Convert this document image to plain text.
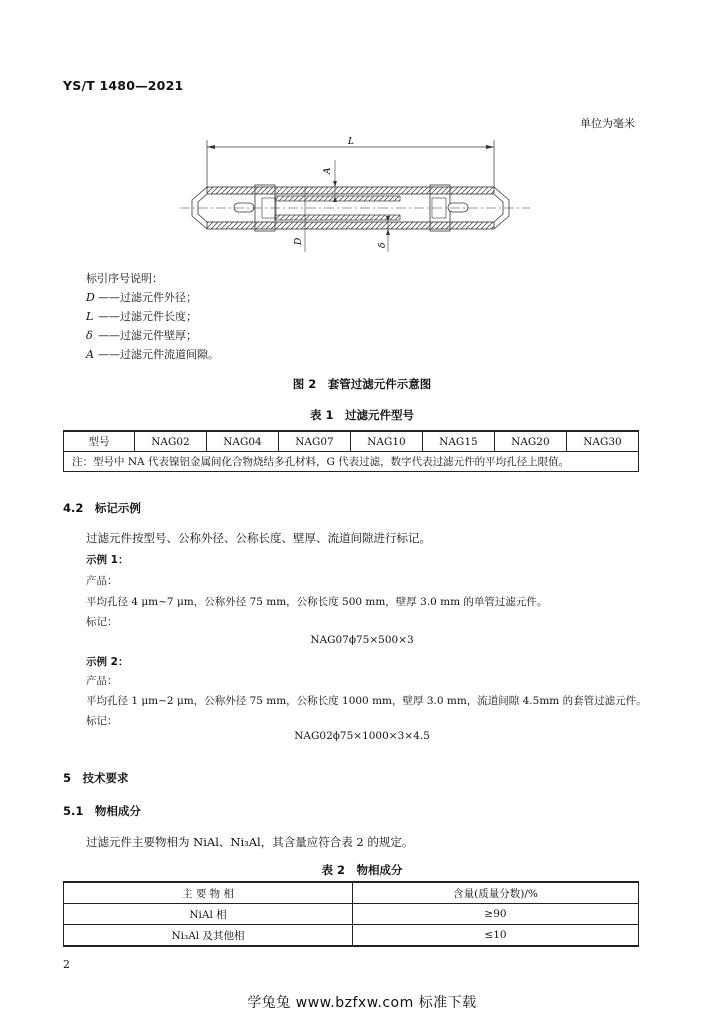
YS/T 1480—2021
单位为毫米
L
A
D
δ
标引序号说明：
D ——过滤元件外径；
L ——过滤元件长度；
δ ——过滤元件壁厚；
A ——过滤元件流道间隙。
图 2　套管过滤元件示意图
表 1　过滤元件型号
型号	NAG02	NAG04	NAG07	NAG10	NAG15	NAG20	NAG30
注：型号中 NA 代表镍铝金属间化合物烧结多孔材料，G 代表过滤，数字代表过滤元件的平均孔径上限值。
4.2　标记示例
过滤元件按型号、公称外径、公称长度、壁厚、流道间隙进行标记。
示例 1：
产品：
平均孔径 4 μm~7 μm，公称外径 75 mm，公称长度 500 mm，壁厚 3.0 mm 的单管过滤元件。
标记：
NAG07ϕ75×500×3
示例 2：
产品：
平均孔径 1 μm~2 μm，公称外径 75 mm，公称长度 1000 mm，壁厚 3.0 mm，流道间隙 4.5mm 的套管过滤元件。
标记：
NAG02ϕ75×1000×3×4.5
5　技术要求
5.1　物相成分
过滤元件主要物相为 NiAl、Ni₃Al，其含量应符合表 2 的规定。
表 2　物相成分
主 要 物 相	含量(质量分数)/%
NiAl 相	≥90
Ni₃Al 及其他相	≤10
2
学兔兔 www.bzfxw.com 标准下载
